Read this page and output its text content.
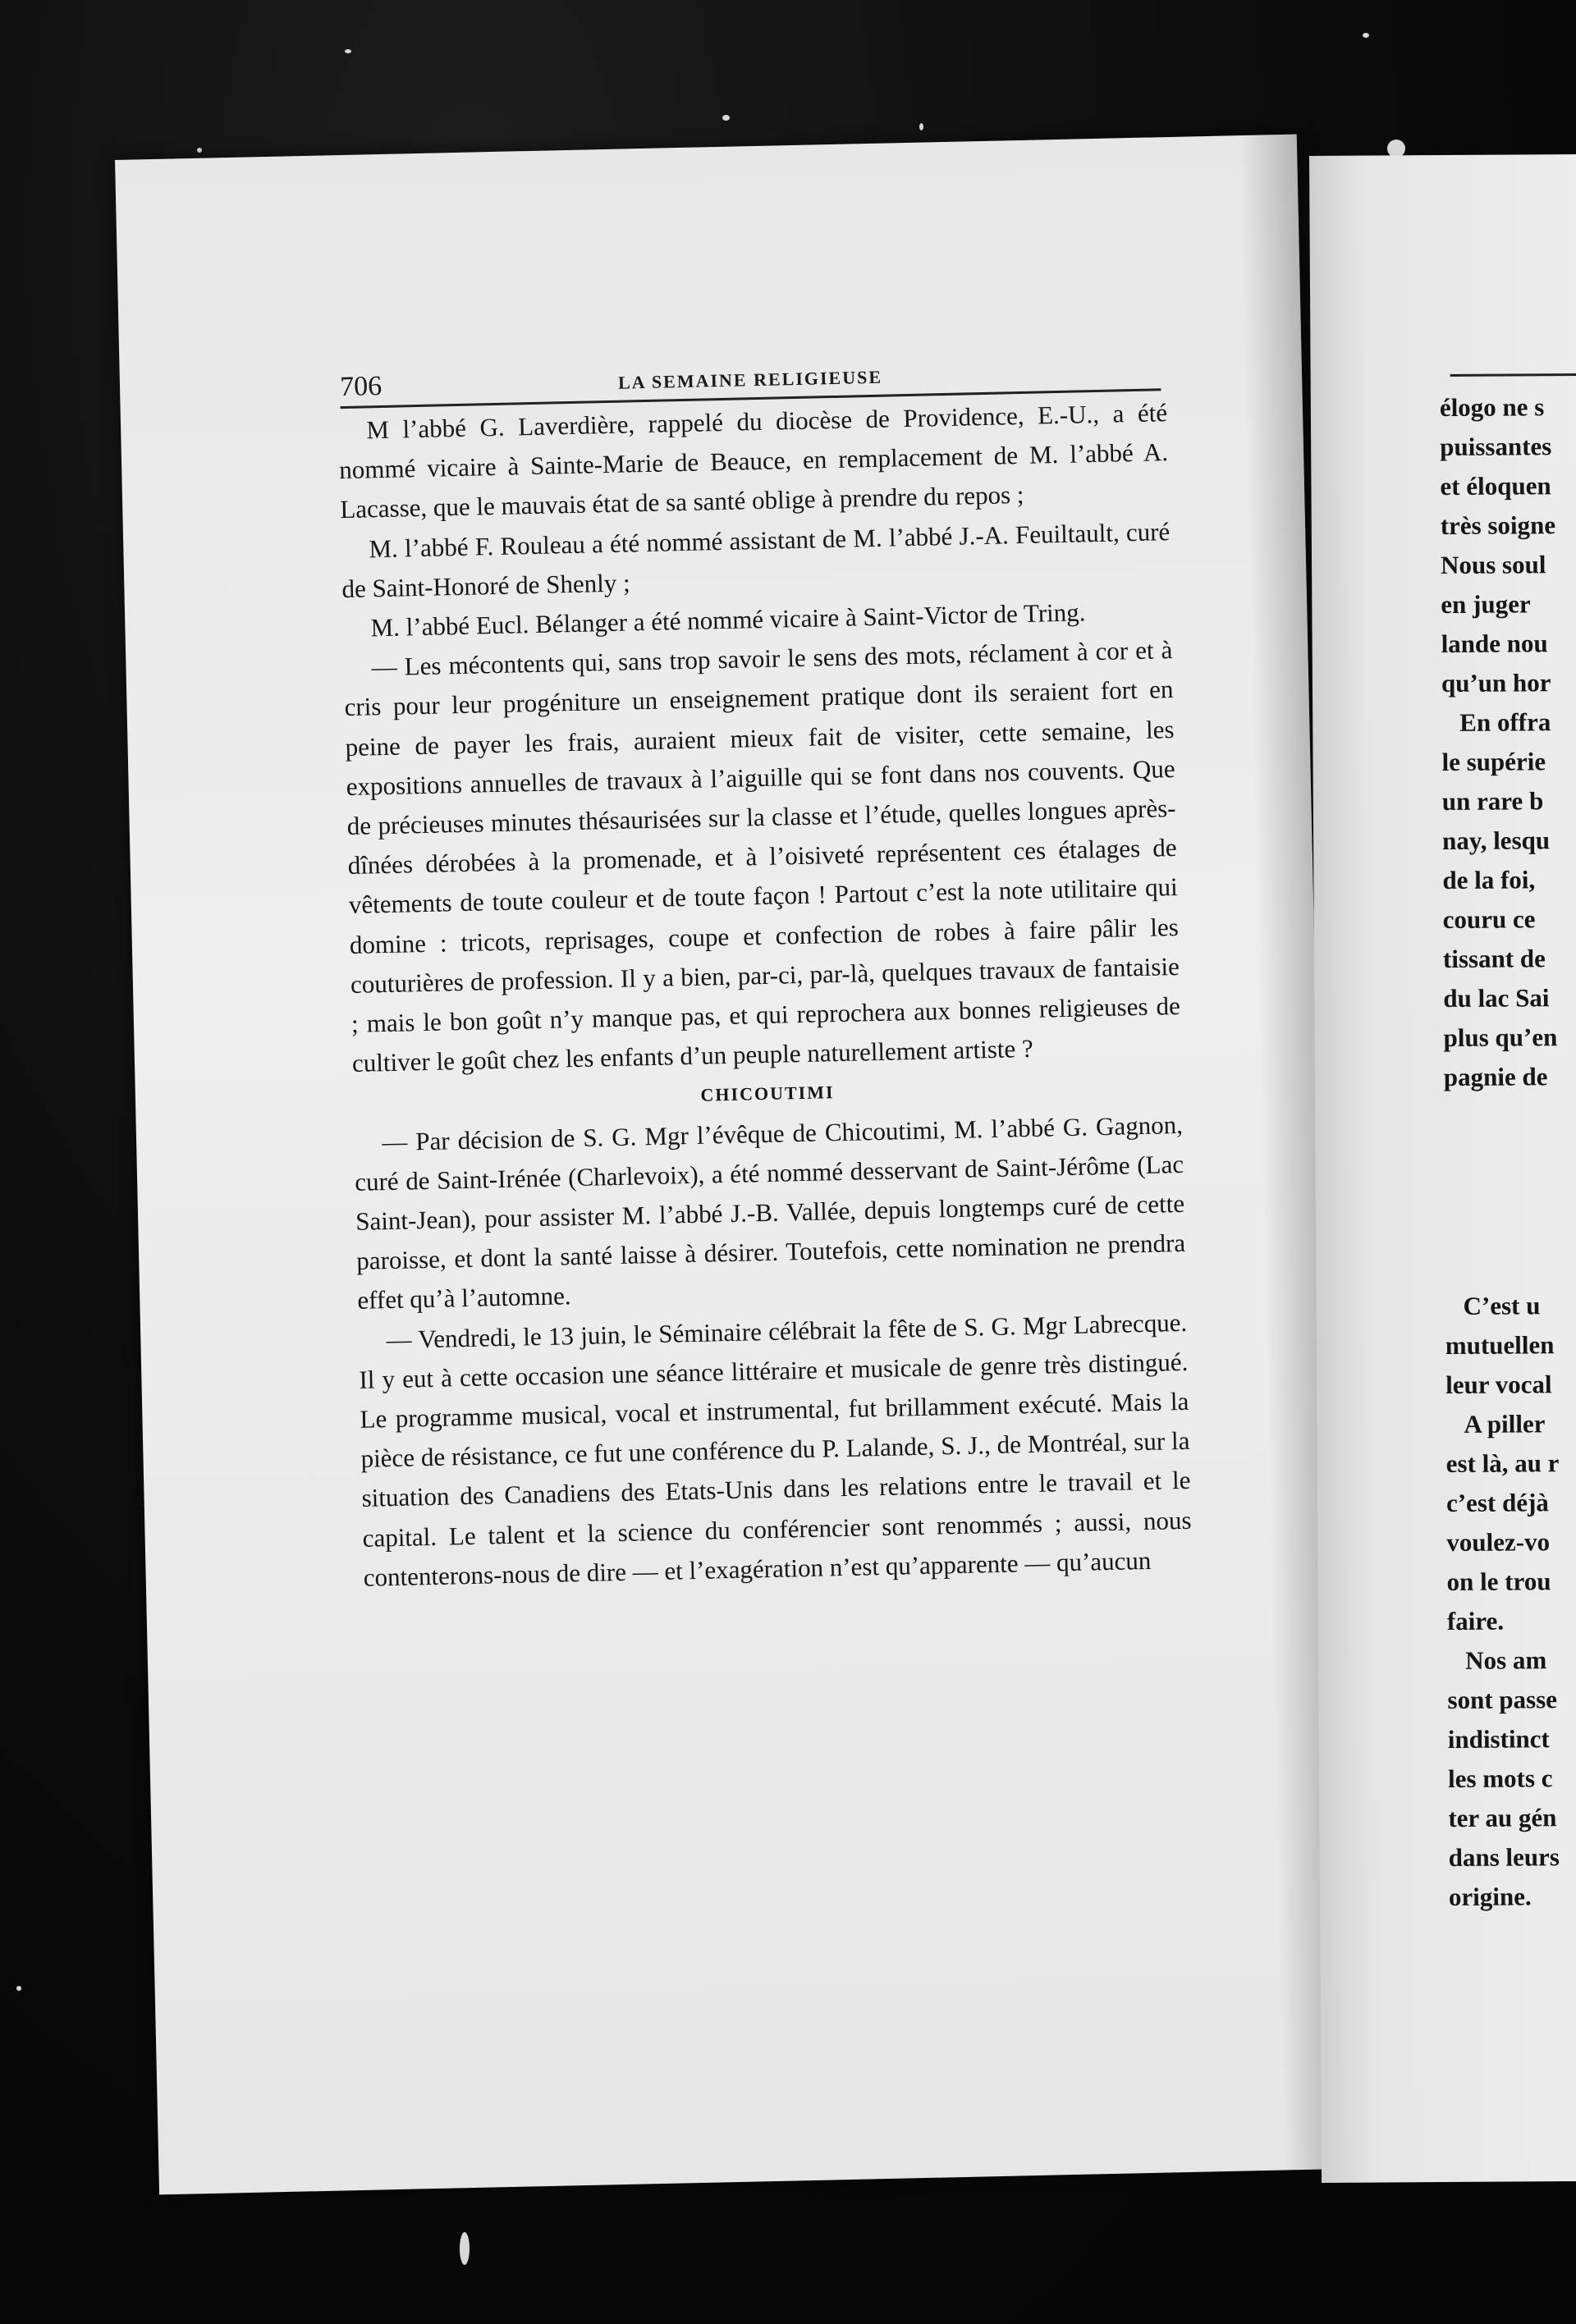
706	LA SEMAINE RELIGIEUSE

M l’abbé G. Laverdière, rappelé du diocèse de Providence, E.-U., a été nommé vicaire à Sainte-Marie de Beauce, en remplacement de M. l’abbé A. Lacasse, que le mauvais état de sa santé oblige à prendre du repos ;

M. l’abbé F. Rouleau a été nommé assistant de M. l’abbé J.-A. Feuiltault, curé de Saint-Honoré de Shenly ;

M. l’abbé Eucl. Bélanger a été nommé vicaire à Saint-Victor de Tring.

— Les mécontents qui, sans trop savoir le sens des mots, réclament à cor et à cris pour leur progéniture un enseignement pratique dont ils seraient fort en peine de payer les frais, auraient mieux fait de visiter, cette semaine, les expositions annuelles de travaux à l’aiguille qui se font dans nos couvents. Que de précieuses minutes thésaurisées sur la classe et l’étude, quelles longues après-dînées dérobées à la promenade, et à l’oisiveté représentent ces étalages de vêtements de toute couleur et de toute façon ! Partout c’est la note utilitaire qui domine : tricots, reprisages, coupe et confection de robes à faire pâlir les couturières de profession. Il y a bien, par-ci, par-là, quelques travaux de fantaisie ; mais le bon goût n’y manque pas, et qui reprochera aux bonnes religieuses de cultiver le goût chez les enfants d’un peuple naturellement artiste ?

CHICOUTIMI

— Par décision de S. G. Mgr l’évêque de Chicoutimi, M. l’abbé G. Gagnon, curé de Saint-Irénée (Charlevoix), a été nommé desservant de Saint-Jérôme (Lac Saint-Jean), pour assister M. l’abbé J.-B. Vallée, depuis longtemps curé de cette paroisse, et dont la santé laisse à désirer. Toutefois, cette nomination ne prendra effet qu’à l’automne.

— Vendredi, le 13 juin, le Séminaire célébrait la fête de S. G. Mgr Labrecque. Il y eut à cette occasion une séance littéraire et musicale de genre très distingué. Le programme musical, vocal et instrumental, fut brillamment exécuté. Mais la pièce de résistance, ce fut une conférence du P. Lalande, S. J., de Montréal, sur la situation des Canadiens des Etats-Unis dans les relations entre le travail et le capital. Le talent et la science du conférencier sont renommés ; aussi, nous contenterons-nous de dire — et l’exagération n’est qu’apparente — qu’aucun

élogo ne s
puissantes
et éloquen
très soigne
Nous soul
en juger
lande nou
qu’un hor
En offra
le supérie
un rare b
nay, lesqu
de la foi,
couru ce
tissant de
du lac Sai
plus qu’en
pagnie de
C’est u
mutuellen
leur vocal
A piller
est là, au r
c’est déjà
voulez-vo
on le trou
faire.
Nos am
sont passe
indistinct
les mots c
ter au gén
dans leurs
origine.
